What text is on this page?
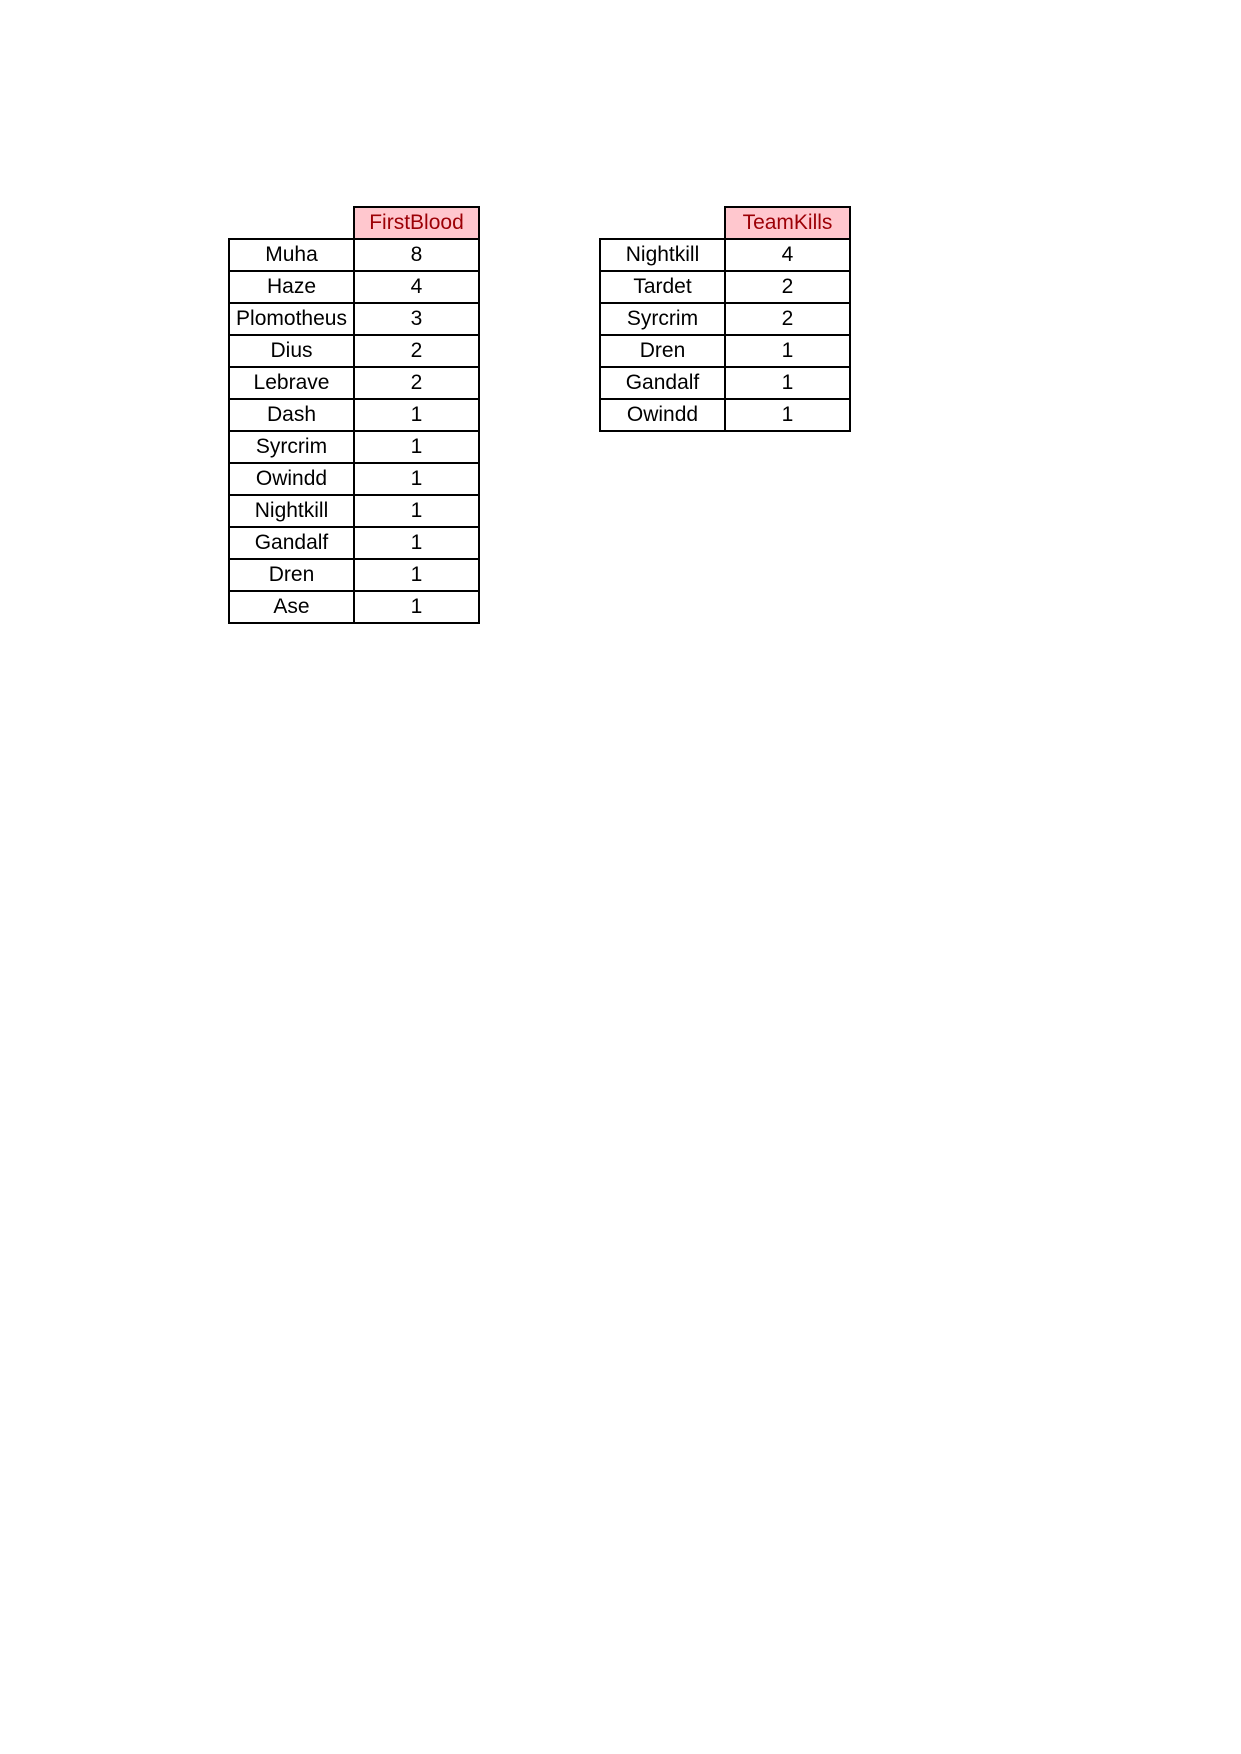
	FirstBlood
Muha	8
Haze	4
Plomotheus	3
Dius	2
Lebrave	2
Dash	1
Syrcrim	1
Owindd	1
Nightkill	1
Gandalf	1
Dren	1
Ase	1
	TeamKills
Nightkill	4
Tardet	2
Syrcrim	2
Dren	1
Gandalf	1
Owindd	1
